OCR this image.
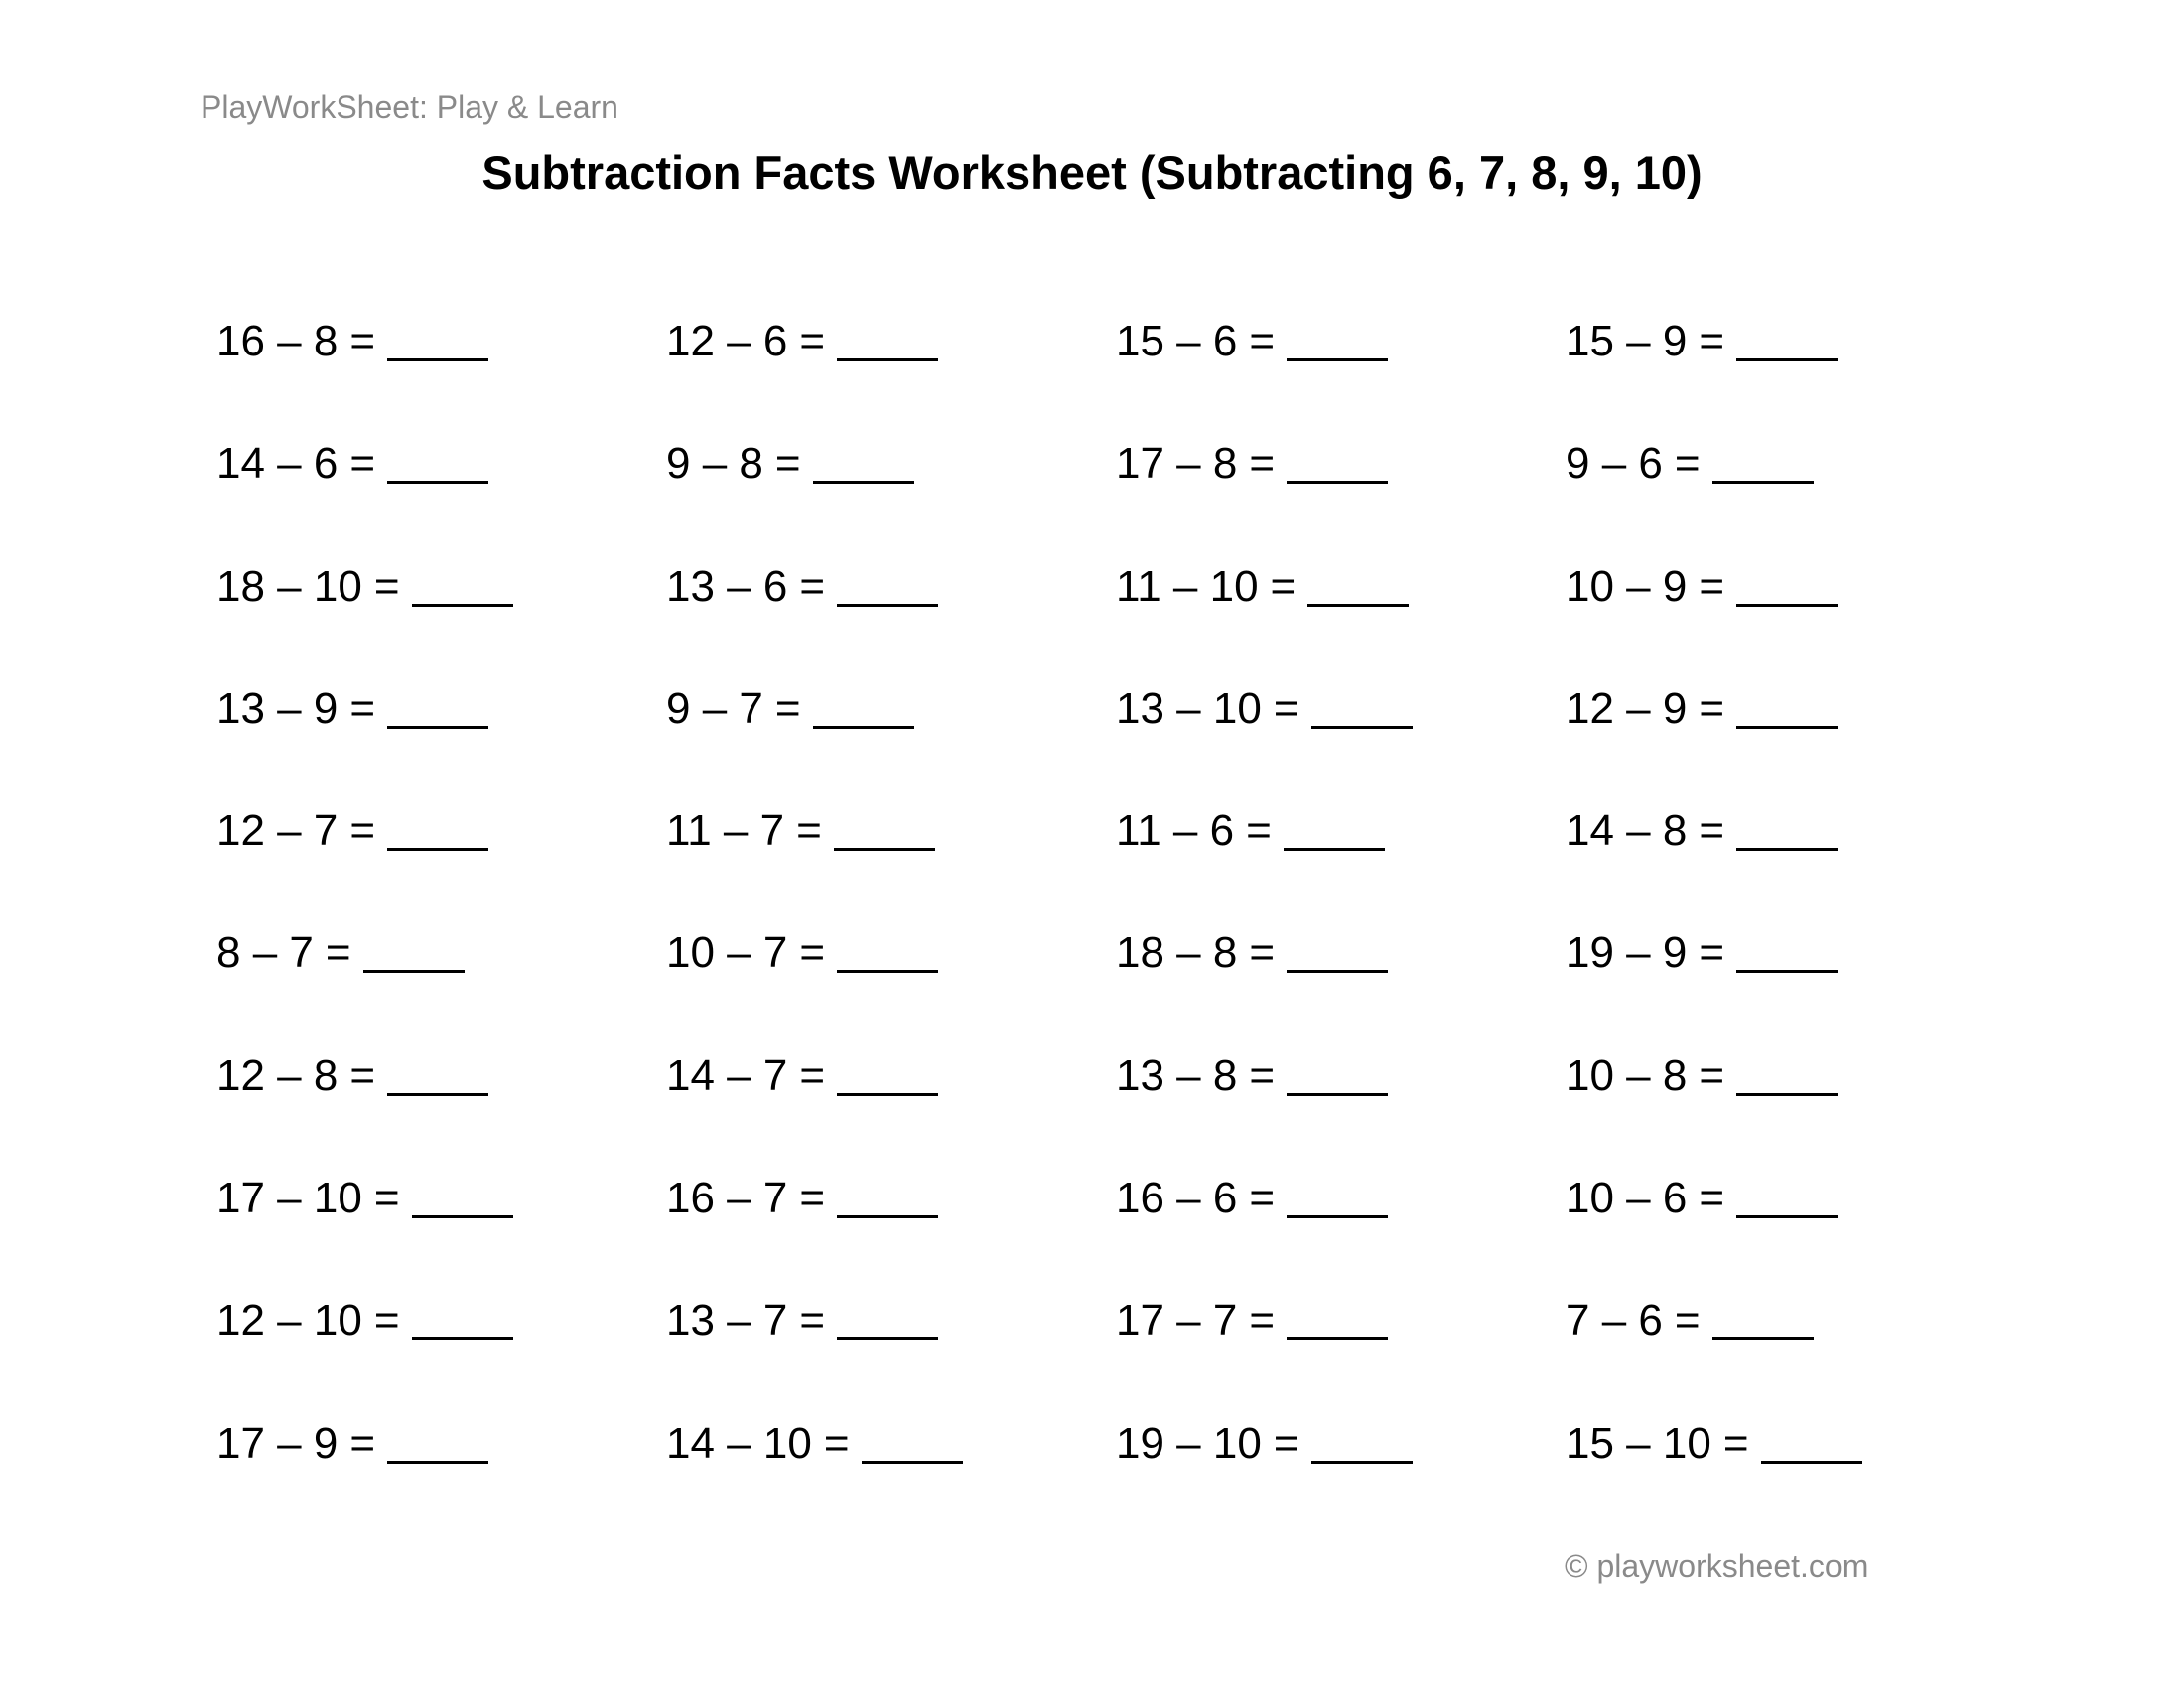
PlayWorkSheet: Play & Learn
Subtraction Facts Worksheet (Subtracting 6, 7, 8, 9, 10)
16 – 8 =	12 – 6 =	15 – 6 =	15 – 9 =
14 – 6 =	9 – 8 =	17 – 8 =	9 – 6 =
18 – 10 =	13 – 6 =	11 – 10 =	10 – 9 =
13 – 9 =	9 – 7 =	13 – 10 =	12 – 9 =
12 – 7 =	11 – 7 =	11 – 6 =	14 – 8 =
8 – 7 =	10 – 7 =	18 – 8 =	19 – 9 =
12 – 8 =	14 – 7 =	13 – 8 =	10 – 8 =
17 – 10 =	16 – 7 =	16 – 6 =	10 – 6 =
12 – 10 =	13 – 7 =	17 – 7 =	7 – 6 =
17 – 9 =	14 – 10 =	19 – 10 =	15 – 10 =
© playworksheet.com
